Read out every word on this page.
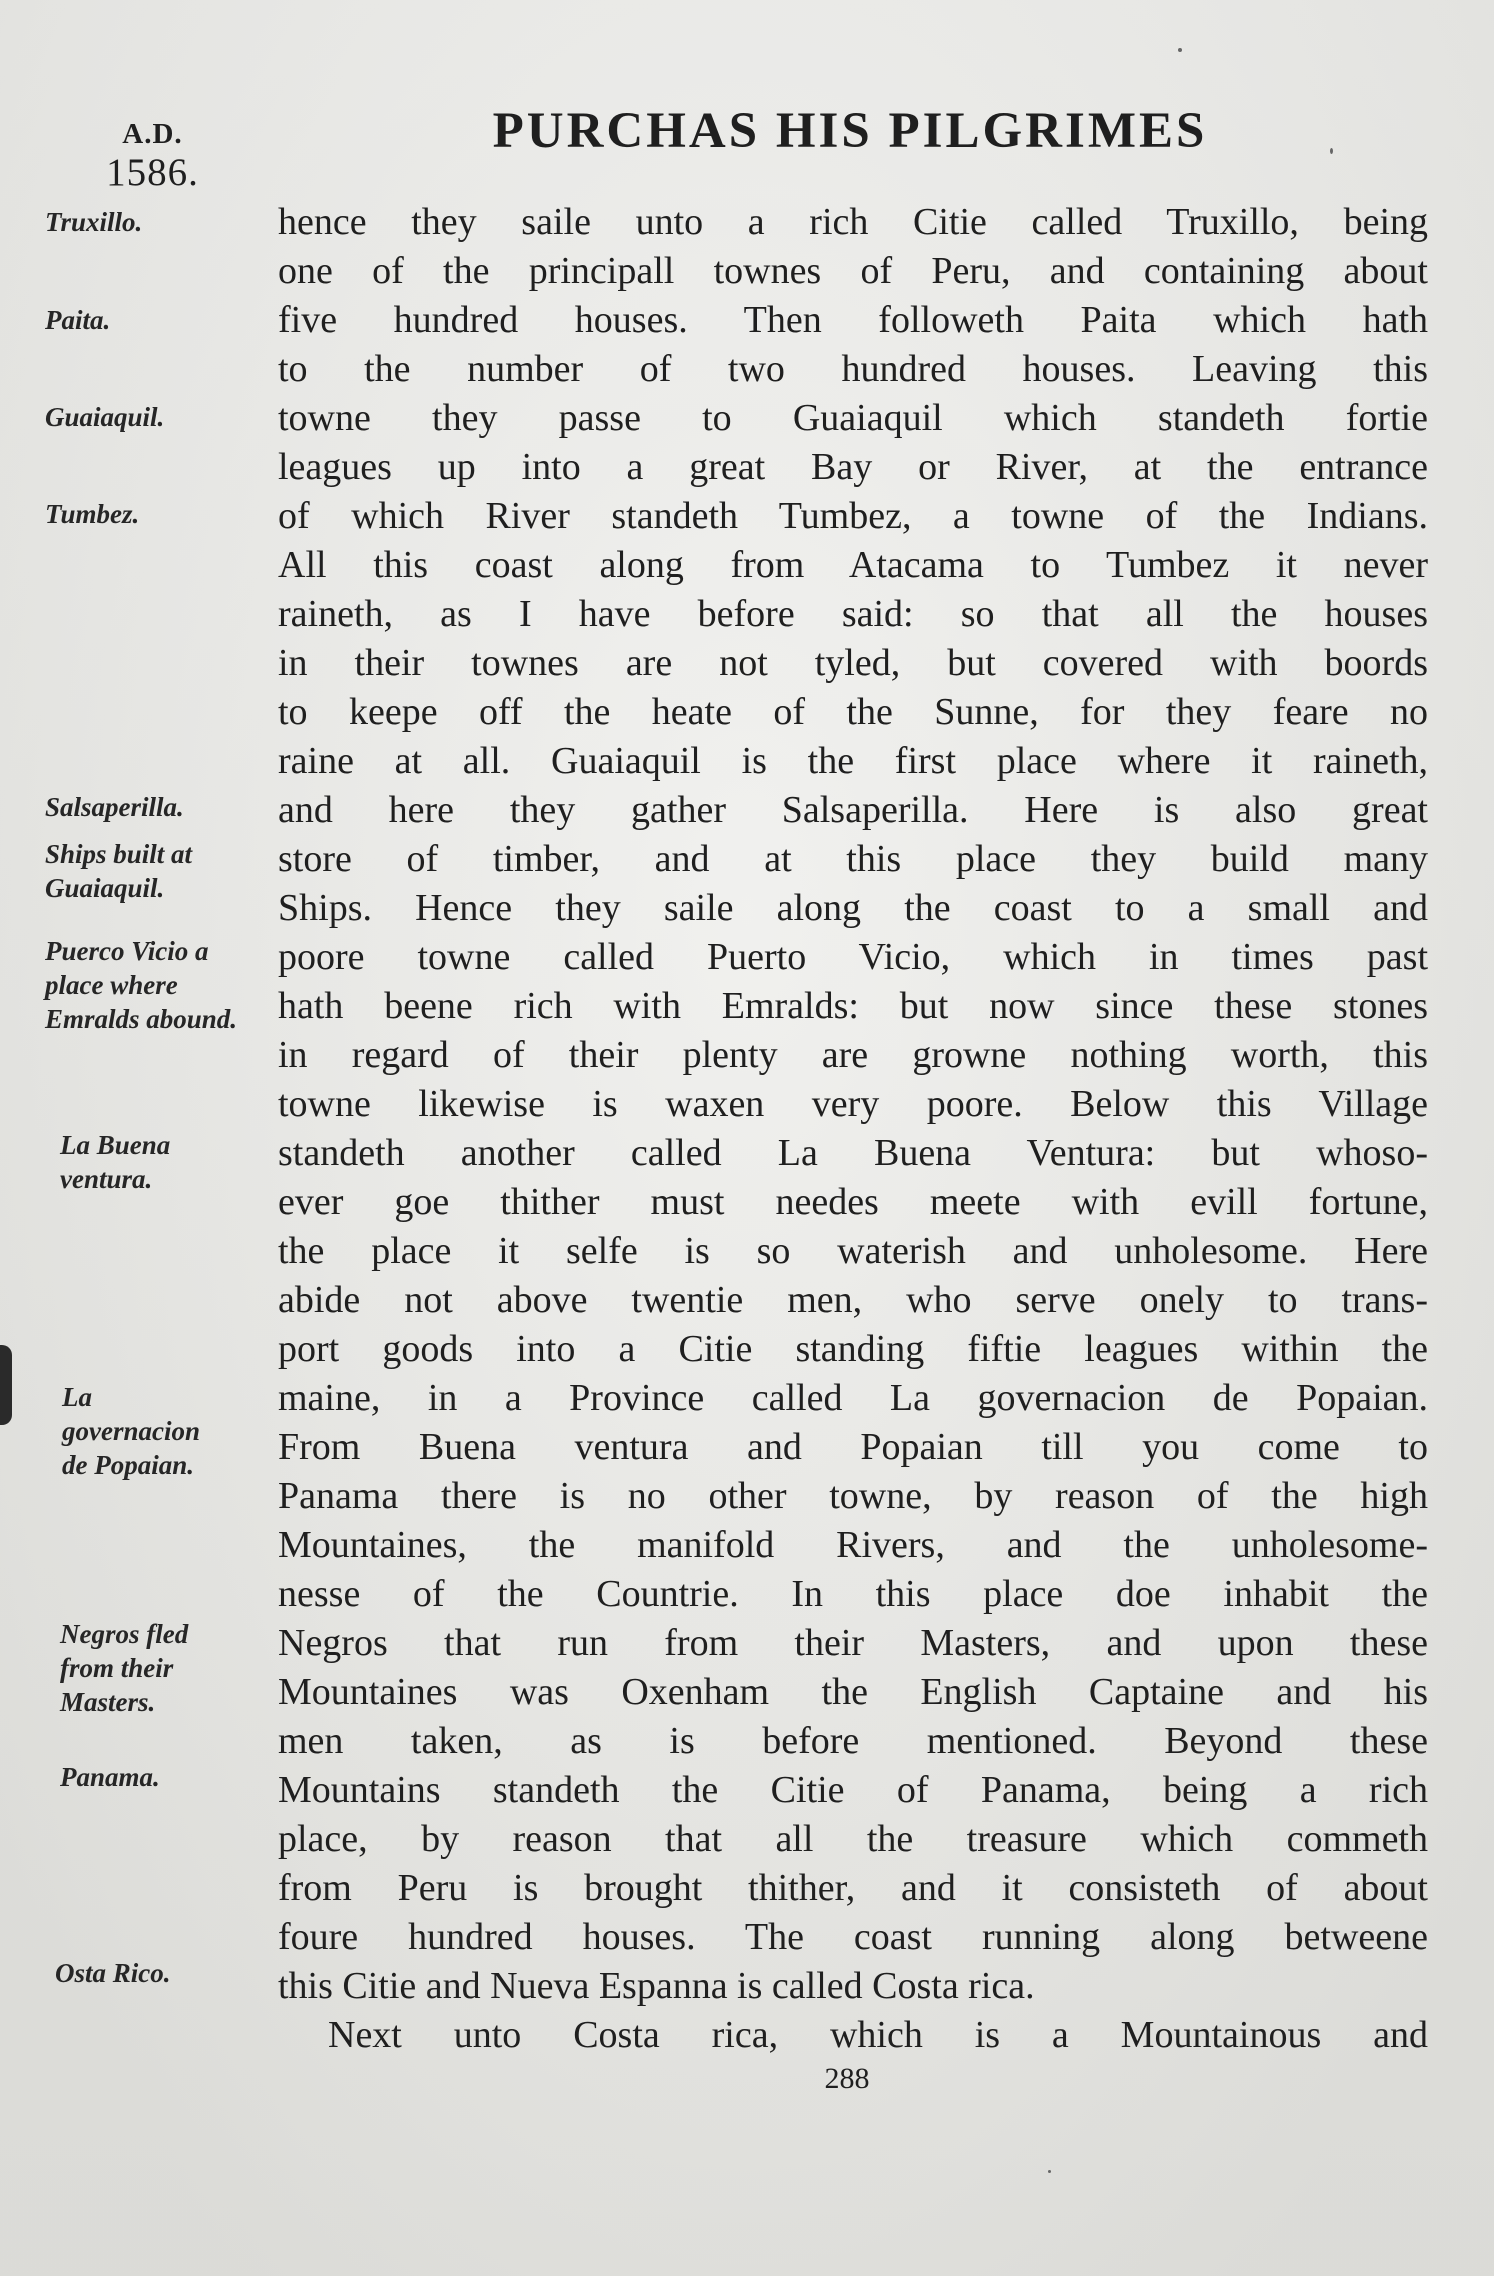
A.D.
1586.
PURCHAS HIS PILGRIMES
Truxillo.
Paita.
Guaiaquil.
Tumbez.
Salsaperilla.
Ships built at Guaiaquil.
Puerco Vicio a place where Emralds abound.
La Buena ventura.
La governacion de Popaian.
Negros fled from their Masters.
Panama.
Osta Rico.
hence they saile unto a rich Citie called Truxillo, being
one of the principall townes of Peru, and containing about
five hundred houses. Then followeth Paita which hath
to the number of two hundred houses. Leaving this
towne they passe to Guaiaquil which standeth fortie
leagues up into a great Bay or River, at the entrance
of which River standeth Tumbez, a towne of the Indians.
All this coast along from Atacama to Tumbez it never
raineth, as I have before said: so that all the houses
in their townes are not tyled, but covered with boords
to keepe off the heate of the Sunne, for they feare no
raine at all. Guaiaquil is the first place where it raineth,
and here they gather Salsaperilla. Here is also great
store of timber, and at this place they build many
Ships. Hence they saile along the coast to a small and
poore towne called Puerto Vicio, which in times past
hath beene rich with Emralds: but now since these stones
in regard of their plenty are growne nothing worth, this
towne likewise is waxen very poore. Below this Village
standeth another called La Buena Ventura: but whoso-
ever goe thither must needes meete with evill fortune,
the place it selfe is so waterish and unholesome. Here
abide not above twentie men, who serve onely to trans-
port goods into a Citie standing fiftie leagues within the
maine, in a Province called La governacion de Popaian.
From Buena ventura and Popaian till you come to
Panama there is no other towne, by reason of the high
Mountaines, the manifold Rivers, and the unholesome-
nesse of the Countrie. In this place doe inhabit the
Negros that run from their Masters, and upon these
Mountaines was Oxenham the English Captaine and his
men taken, as is before mentioned. Beyond these
Mountains standeth the Citie of Panama, being a rich
place, by reason that all the treasure which commeth
from Peru is brought thither, and it consisteth of about
foure hundred houses. The coast running along betweene
this Citie and Nueva Espanna is called Costa rica.
Next unto Costa rica, which is a Mountainous and
288
